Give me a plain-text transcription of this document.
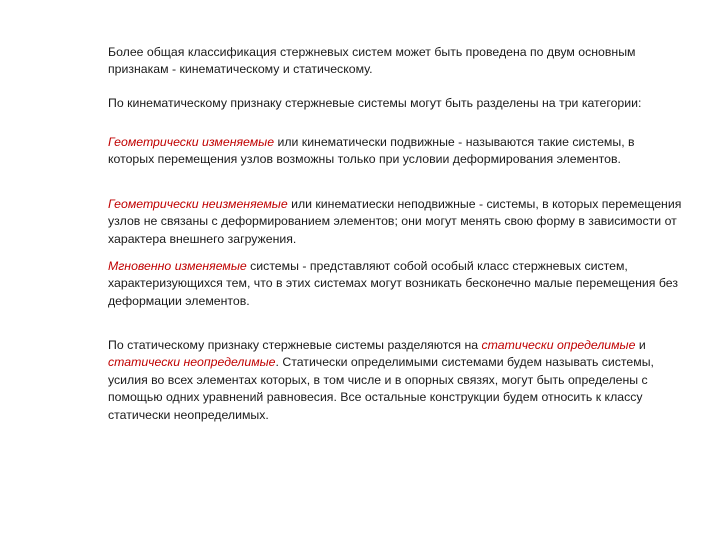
Более общая классификация стержневых систем может быть проведена по двум основным признакам - кинематическому и статическому.

По кинематическому признаку стержневые системы могут быть разделены на три категории:

Геометрически изменяемые или кинематически подвижные - называются такие системы, в которых перемещения узлов возможны только при условии деформирования элементов.

Геометрически неизменяемые или кинематиески неподвижные - системы, в которых перемещения узлов не связаны с деформированием элементов; они могут менять свою форму в зависимости от характера внешнего загружения.

Мгновенно изменяемые системы - представляют собой особый класс стержневых систем, характеризующихся тем, что в этих системах могут возникать бесконечно малые перемещения без деформации элементов.

По статическому признаку стержневые системы разделяются на статически определимые и статически неопределимые. Статически определимыми системами будем называть системы, усилия во всех элементах которых, в том числе и в опорных связях, могут быть определены с помощью одних уравнений равновесия. Все остальные конструкции будем относить к классу статически неопределимых.
